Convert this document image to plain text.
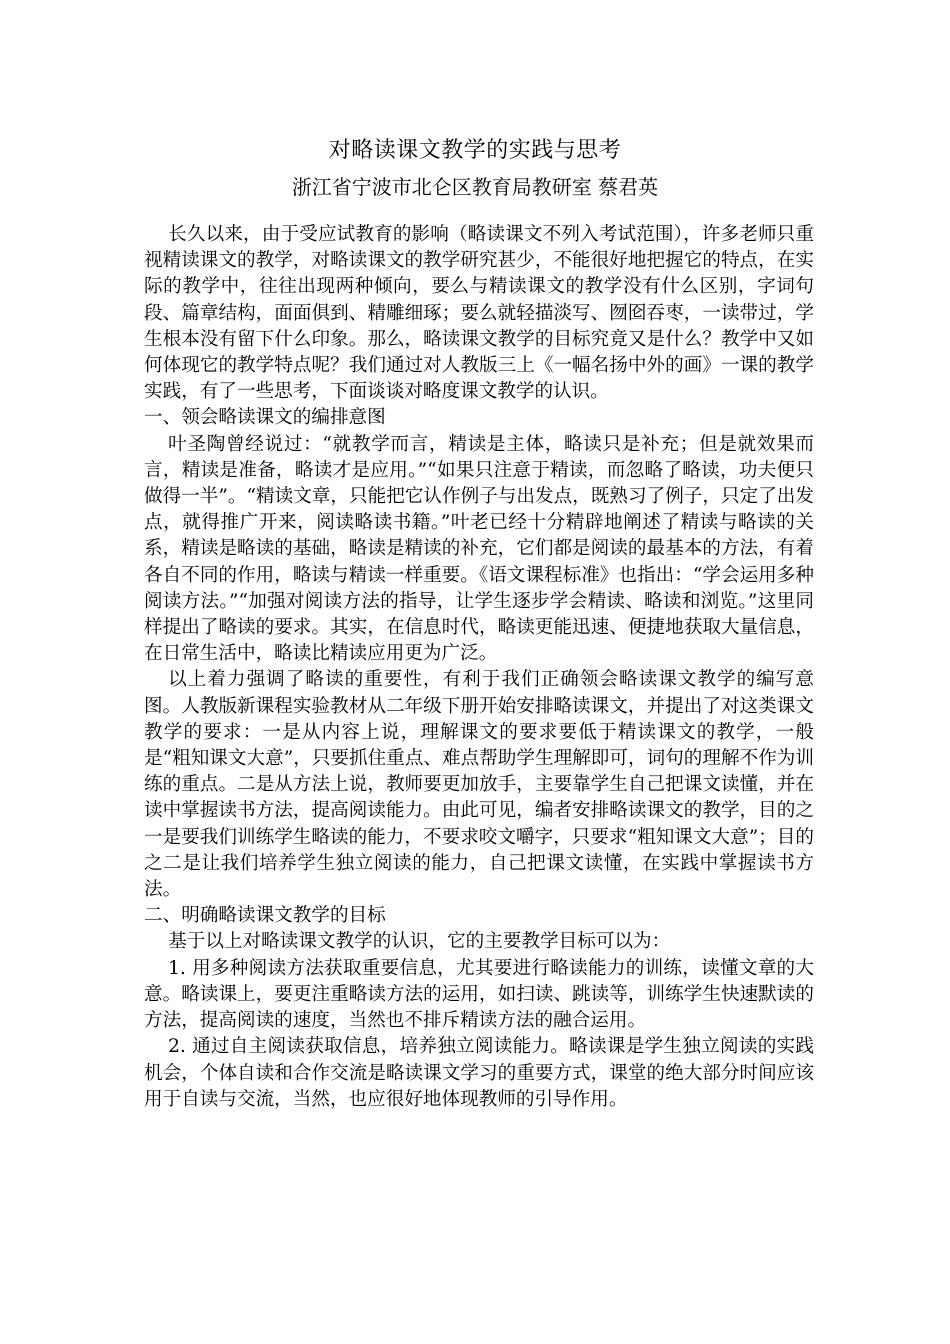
对略读课文教学的实践与思考
浙江省宁波市北仑区教育局教研室 蔡君英

长久以来，由于受应试教育的影响（略读课文不列入考试范围），许多老师只重视精读课文的教学，对略读课文的教学研究甚少，不能很好地把握它的特点，在实际的教学中，往往出现两种倾向，要么与精读课文的教学没有什么区别，字词句段、篇章结构，面面俱到、精雕细琢；要么就轻描淡写、囫囵吞枣，一读带过，学生根本没有留下什么印象。那么，略读课文教学的目标究竟又是什么？教学中又如何体现它的教学特点呢？我们通过对人教版三上《一幅名扬中外的画》一课的教学实践，有了一些思考，下面谈谈对略度课文教学的认识。

一、领会略读课文的编排意图

叶圣陶曾经说过：“就教学而言，精读是主体，略读只是补充；但是就效果而言，精读是准备，略读才是应用。”“如果只注意于精读，而忽略了略读，功夫便只做得一半”。“精读文章，只能把它认作例子与出发点，既熟习了例子，只定了出发点，就得推广开来，阅读略读书籍。”叶老已经十分精辟地阐述了精读与略读的关系，精读是略读的基础，略读是精读的补充，它们都是阅读的最基本的方法，有着各自不同的作用，略读与精读一样重要。《语文课程标准》也指出：“学会运用多种阅读方法。”“加强对阅读方法的指导，让学生逐步学会精读、略读和浏览。”这里同样提出了略读的要求。其实，在信息时代，略读更能迅速、便捷地获取大量信息，在日常生活中，略读比精读应用更为广泛。

以上着力强调了略读的重要性，有利于我们正确领会略读课文教学的编写意图。人教版新课程实验教材从二年级下册开始安排略读课文，并提出了对这类课文教学的要求：一是从内容上说，理解课文的要求要低于精读课文的教学，一般是“粗知课文大意”，只要抓住重点、难点帮助学生理解即可，词句的理解不作为训练的重点。二是从方法上说，教师要更加放手，主要靠学生自己把课文读懂，并在读中掌握读书方法，提高阅读能力。由此可见，编者安排略读课文的教学，目的之一是要我们训练学生略读的能力，不要求咬文嚼字，只要求“粗知课文大意”；目的之二是让我们培养学生独立阅读的能力，自己把课文读懂，在实践中掌握读书方法。

二、明确略读课文教学的目标

基于以上对略读课文教学的认识，它的主要教学目标可以为：

1. 用多种阅读方法获取重要信息，尤其要进行略读能力的训练，读懂文章的大意。略读课上，要更注重略读方法的运用，如扫读、跳读等，训练学生快速默读的方法，提高阅读的速度，当然也不排斥精读方法的融合运用。

2. 通过自主阅读获取信息，培养独立阅读能力。略读课是学生独立阅读的实践机会，个体自读和合作交流是略读课文学习的重要方式，课堂的绝大部分时间应该用于自读与交流，当然，也应很好地体现教师的引导作用。
